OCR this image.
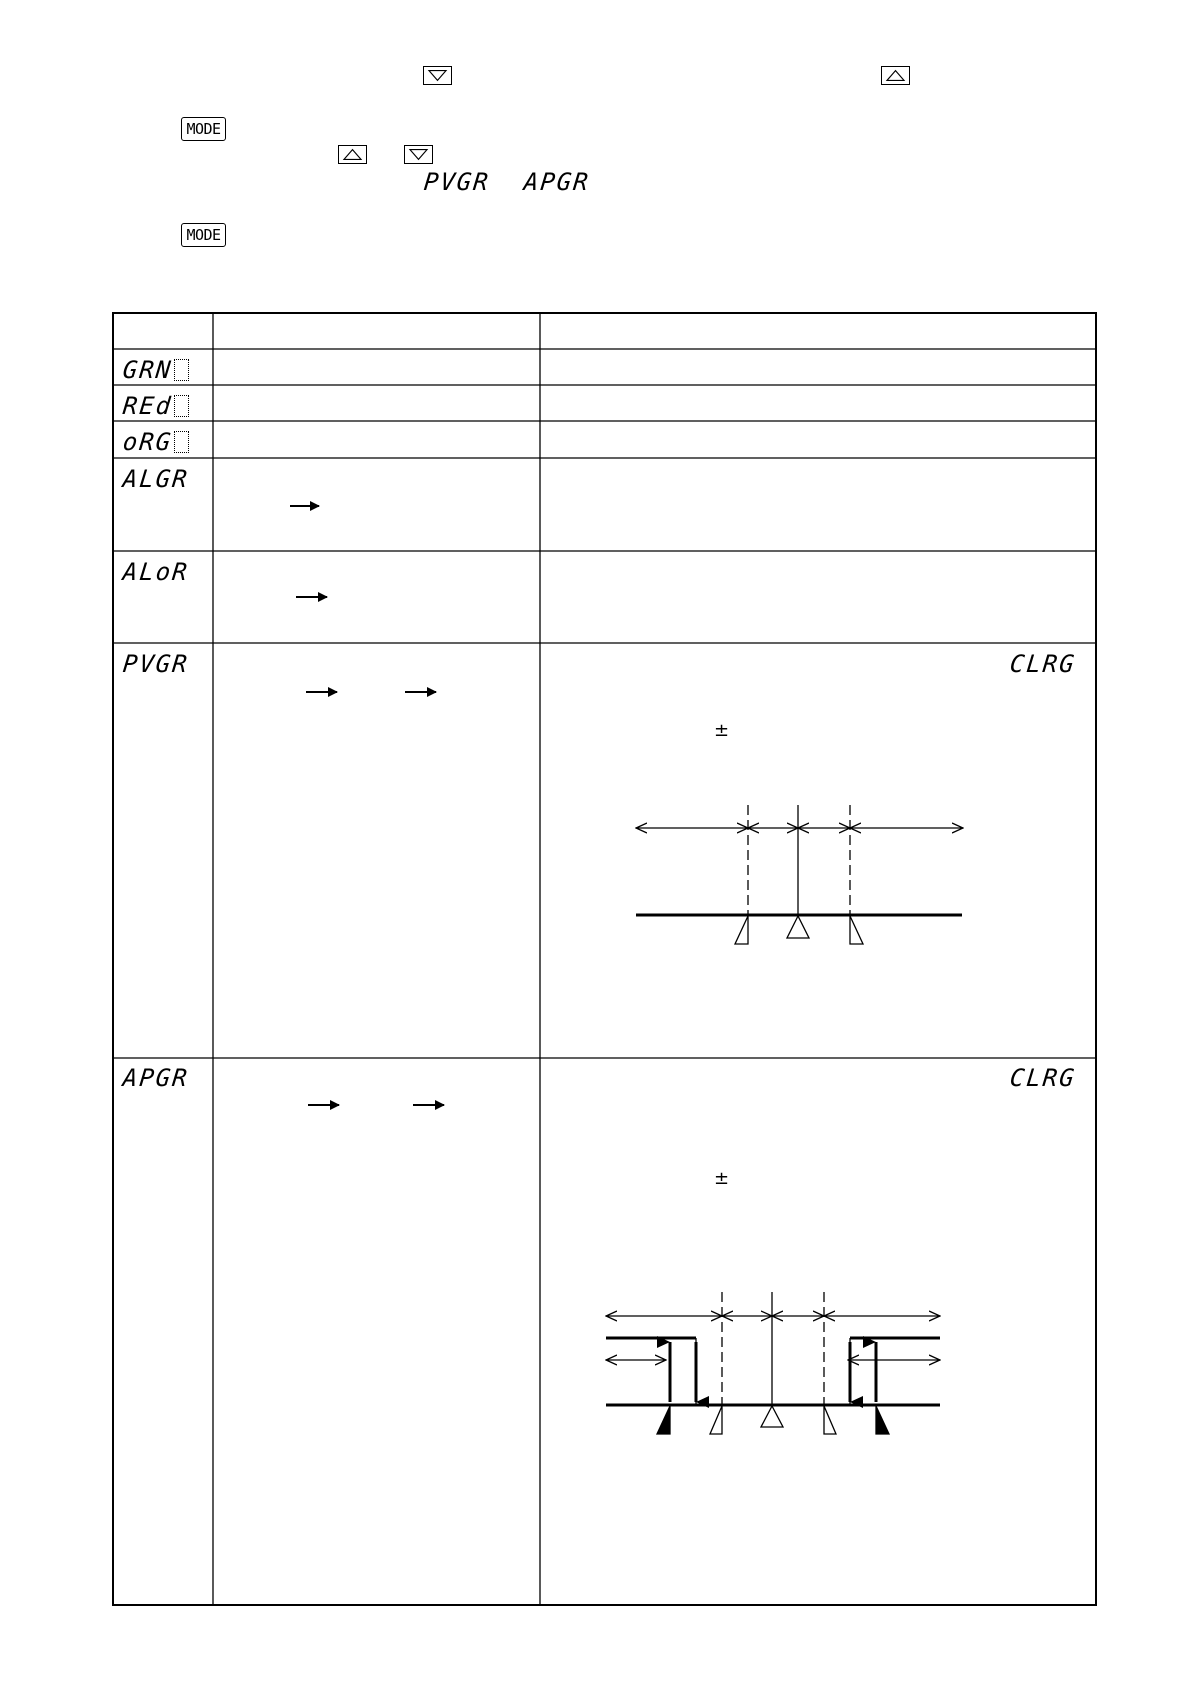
MODE
PVGR APGR
MODE
GRN
REd
oRG
ALGR
ALoR
PVGR
APGR
CLRG
CLRG
±
±
